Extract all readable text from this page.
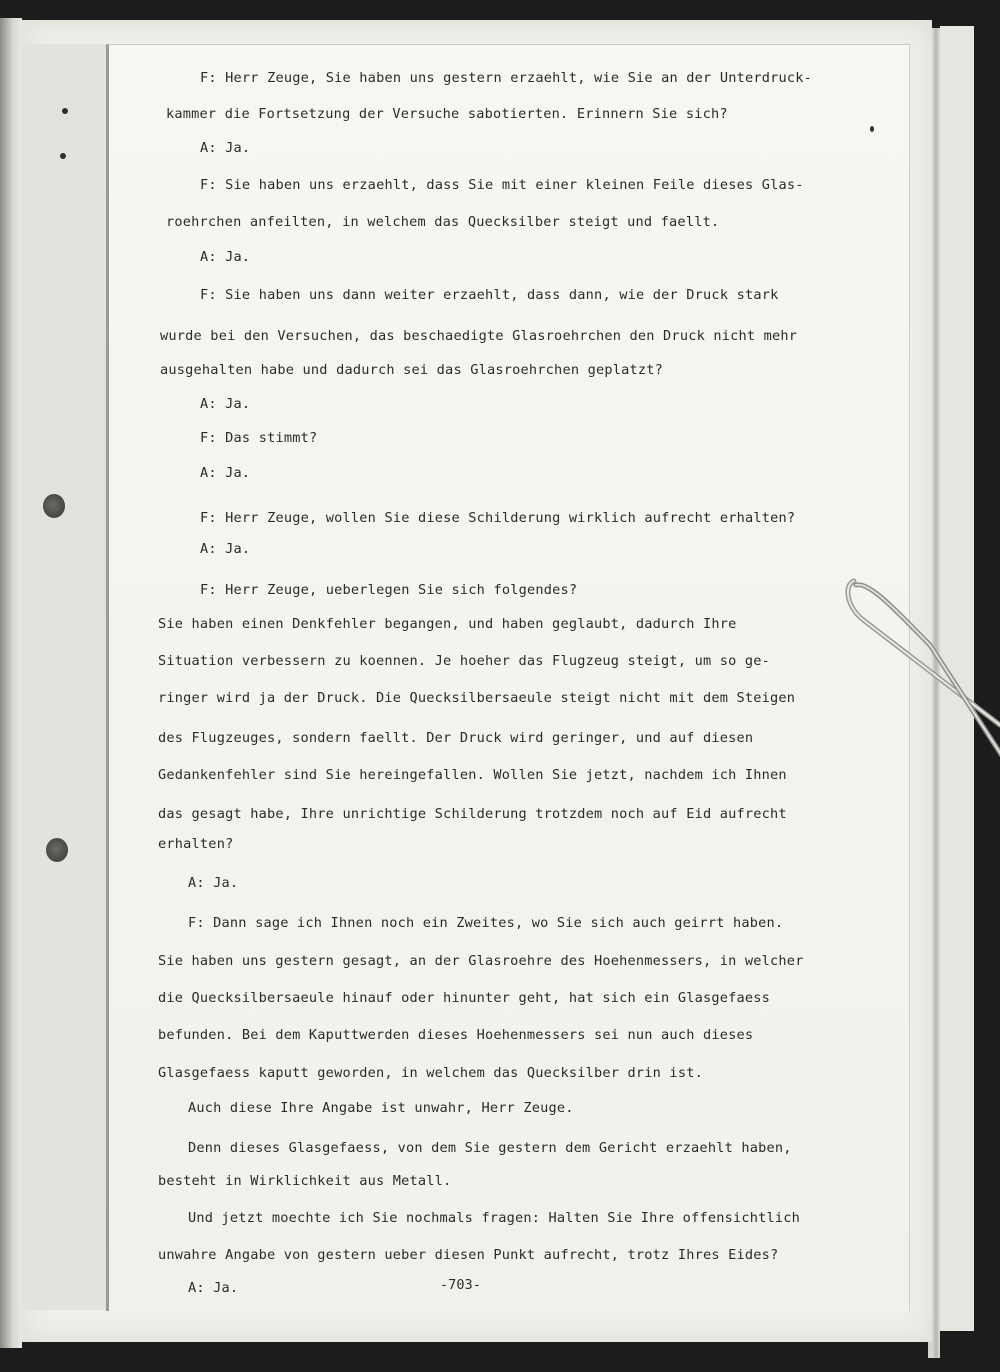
F: Herr Zeuge, Sie haben uns gestern erzaehlt, wie Sie an der Unterdruck-
kammer die Fortsetzung der Versuche sabotierten. Erinnern Sie sich?
A: Ja.
F: Sie haben uns erzaehlt, dass Sie mit einer kleinen Feile dieses Glas-
roehrchen anfeilten, in welchem das Quecksilber steigt und faellt.
A: Ja.
F: Sie haben uns dann weiter erzaehlt, dass dann, wie der Druck stark
wurde bei den Versuchen, das beschaedigte Glasroehrchen den Druck nicht mehr
ausgehalten habe und dadurch sei das Glasroehrchen geplatzt?
A: Ja.
F: Das stimmt?
A: Ja.
F: Herr Zeuge, wollen Sie diese Schilderung wirklich aufrecht erhalten?
A: Ja.
F: Herr Zeuge, ueberlegen Sie sich folgendes?
Sie haben einen Denkfehler begangen, und haben geglaubt, dadurch Ihre
Situation verbessern zu koennen. Je hoeher das Flugzeug steigt, um so ge-
ringer wird ja der Druck. Die Quecksilbersaeule steigt nicht mit dem Steigen
des Flugzeuges, sondern faellt. Der Druck wird geringer, und auf diesen
Gedankenfehler sind Sie hereingefallen. Wollen Sie jetzt, nachdem ich Ihnen
das gesagt habe, Ihre unrichtige Schilderung trotzdem noch auf Eid aufrecht
erhalten?
A: Ja.
F: Dann sage ich Ihnen noch ein Zweites, wo Sie sich auch geirrt haben.
Sie haben uns gestern gesagt, an der Glasroehre des Hoehenmessers, in welcher
die Quecksilbersaeule hinauf oder hinunter geht, hat sich ein Glasgefaess
befunden. Bei dem Kaputtwerden dieses Hoehenmessers sei nun auch dieses
Glasgefaess kaputt geworden, in welchem das Quecksilber drin ist.
Auch diese Ihre Angabe ist unwahr, Herr Zeuge.
Denn dieses Glasgefaess, von dem Sie gestern dem Gericht erzaehlt haben,
besteht in Wirklichkeit aus Metall.
Und jetzt moechte ich Sie nochmals fragen: Halten Sie Ihre offensichtlich
unwahre Angabe von gestern ueber diesen Punkt aufrecht, trotz Ihres Eides?
A: Ja.	-703-
